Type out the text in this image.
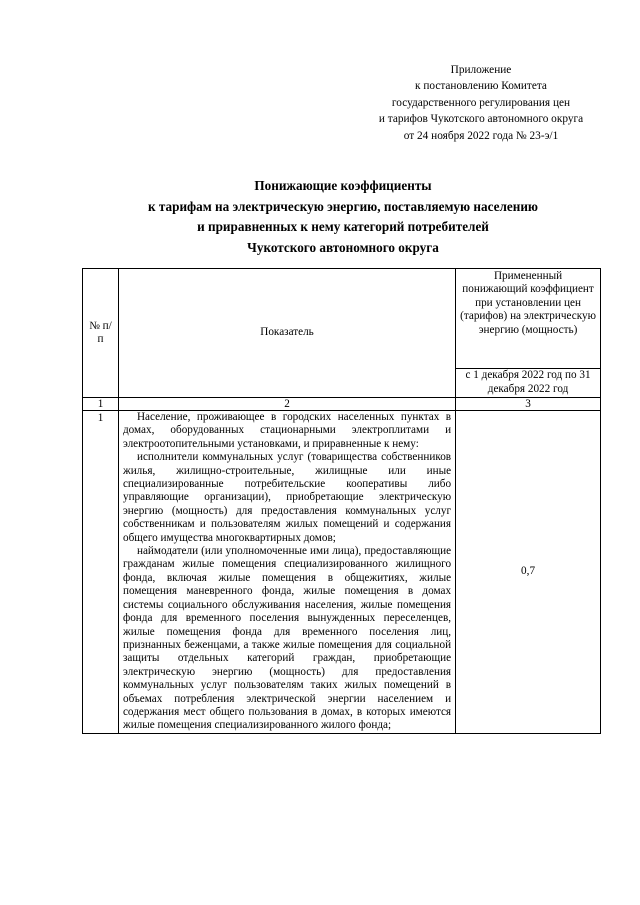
Приложение
к постановлению Комитета
государственного регулирования цен
и тарифов Чукотского автономного округа
от 24 ноября 2022 года № 23-э/1
Понижающие коэффициенты
к тарифам на электрическую энергию, поставляемую населению
и приравненных к нему категорий потребителей
Чукотского автономного округа
№ п/п	Показатель	Примененный понижающий коэффициент при установлении цен (тарифов) на электрическую энергию (мощность)
		с 1 декабря 2022 год по 31 декабря 2022 год
1	2	3
1	Население, проживающее в городских населенных пунктах в домах, оборудованных стационарными электроплитами и электроотопительными установками, и приравненные к нему:

исполнители коммунальных услуг (товарищества собственников жилья, жилищно-строительные, жилищные или иные специализированные потребительские кооперативы либо управляющие организации), приобретающие электрическую энергию (мощность) для предоставления коммунальных услуг собственникам и пользователям жилых помещений и содержания общего имущества многоквартирных домов;

наймодатели (или уполномоченные ими лица), предоставляющие гражданам жилые помещения специализированного жилищного фонда, включая жилые помещения в общежитиях, жилые помещения маневренного фонда, жилые помещения в домах системы социального обслуживания населения, жилые помещения фонда для временного поселения вынужденных переселенцев, жилые помещения фонда для временного поселения лиц, признанных беженцами, а также жилые помещения для социальной защиты отдельных категорий граждан, приобретающие электрическую энергию (мощность) для предоставления коммунальных услуг пользователям таких жилых помещений в объемах потребления электрической энергии населением и содержания мест общего пользования в домах, в которых имеются жилые помещения специализированного жилого фонда;	0,7
